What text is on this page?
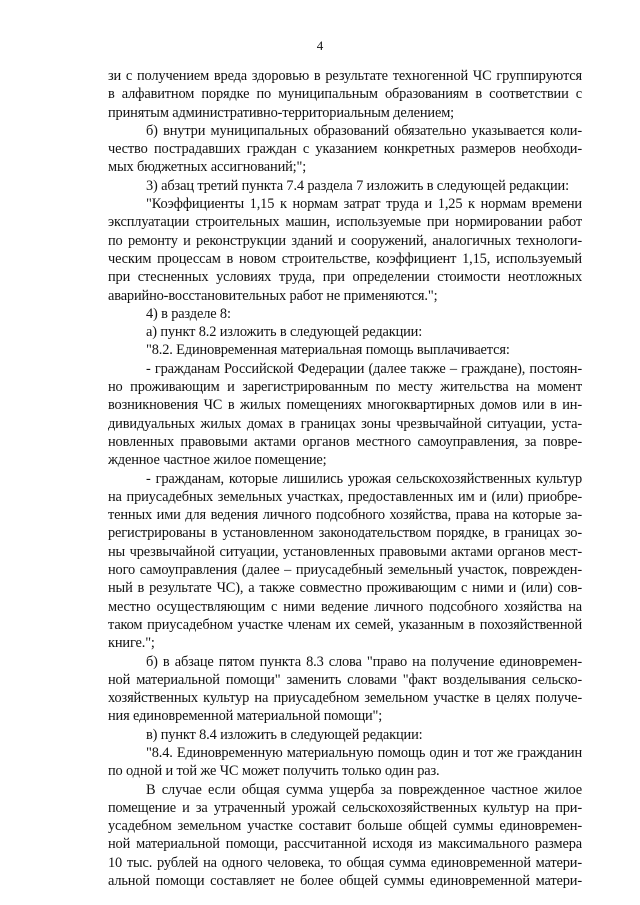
4
зи с получением вреда здоровью в результате техногенной ЧС группируются
в алфавитном порядке по муниципальным образованиям в соответствии с
принятым административно-территориальным делением;
б) внутри муниципальных образований обязательно указывается коли-
чество пострадавших граждан с указанием конкретных размеров необходи-
мых бюджетных ассигнований;";
3) абзац третий пункта 7.4 раздела 7 изложить в следующей редакции:
"Коэффициенты 1,15 к нормам затрат труда и 1,25 к нормам времени
эксплуатации строительных машин, используемые при нормировании работ
по ремонту и реконструкции зданий и сооружений, аналогичных технологи-
ческим процессам в новом строительстве, коэффициент 1,15, используемый
при стесненных условиях труда, при определении стоимости неотложных
аварийно-восстановительных работ не применяются.";
4) в разделе 8:
а) пункт 8.2 изложить в следующей редакции:
"8.2. Единовременная материальная помощь выплачивается:
- гражданам Российской Федерации (далее также – граждане), постоян-
но проживающим и зарегистрированным по месту жительства на момент
возникновения ЧС в жилых помещениях многоквартирных домов или в ин-
дивидуальных жилых домах в границах зоны чрезвычайной ситуации, уста-
новленных правовыми актами органов местного самоуправления, за повре-
жденное частное жилое помещение;
- гражданам, которые лишились урожая сельскохозяйственных культур
на приусадебных земельных участках, предоставленных им и (или) приобре-
тенных ими для ведения личного подсобного хозяйства, права на которые за-
регистрированы в установленном законодательством порядке, в границах зо-
ны чрезвычайной ситуации, установленных правовыми актами органов мест-
ного самоуправления (далее – приусадебный земельный участок, поврежден-
ный в результате ЧС), а также совместно проживающим с ними и (или) сов-
местно осуществляющим с ними ведение личного подсобного хозяйства на
таком приусадебном участке членам их семей, указанным в похозяйственной
книге.";
б) в абзаце пятом пункта 8.3 слова "право на получение единовремен-
ной материальной помощи" заменить словами "факт возделывания сельско-
хозяйственных культур на приусадебном земельном участке в целях получе-
ния единовременной материальной помощи";
в) пункт 8.4 изложить в следующей редакции:
"8.4. Единовременную материальную помощь один и тот же гражданин
по одной и той же ЧС может получить только один раз.
В случае если общая сумма ущерба за поврежденное частное жилое
помещение и за утраченный урожай сельскохозяйственных культур на при-
усадебном земельном участке составит больше общей суммы единовремен-
ной материальной помощи, рассчитанной исходя из максимального размера
10 тыс. рублей на одного человека, то общая сумма единовременной матери-
альной помощи составляет не более общей суммы единовременной матери-
